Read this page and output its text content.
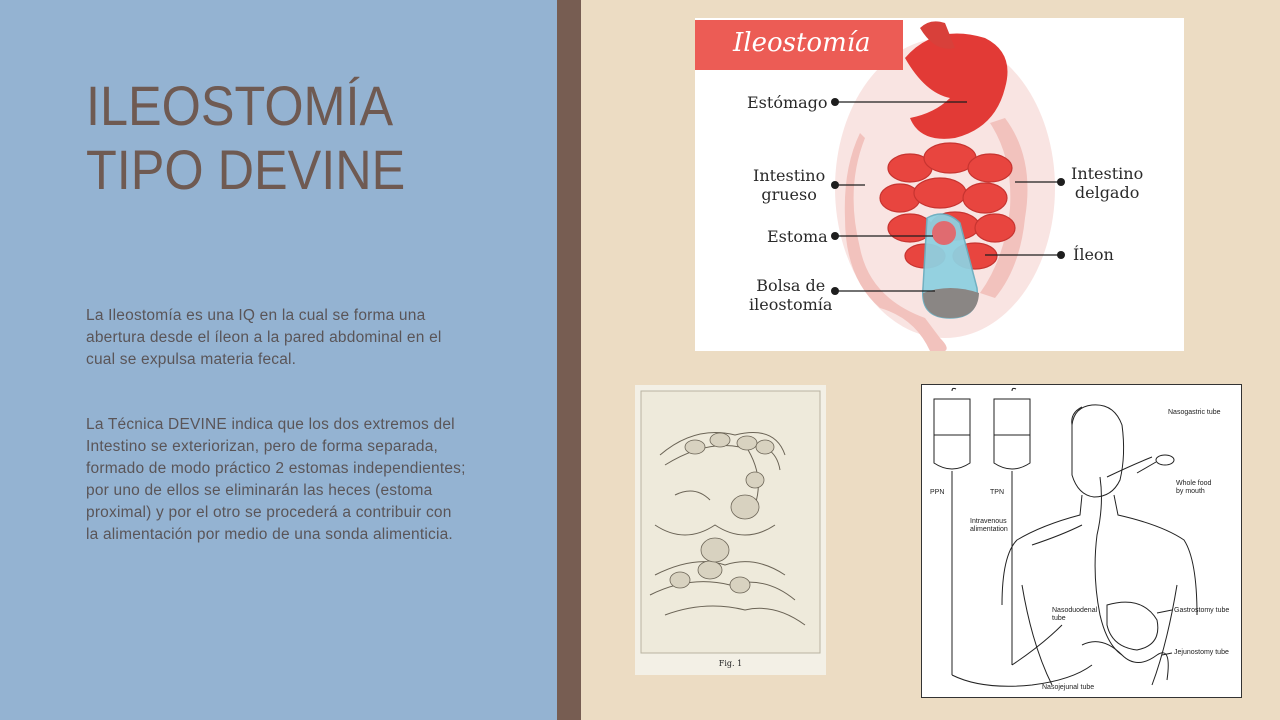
ILEOSTOMÍA
TIPO DEVINE

La Ileostomía es una IQ en la cual se forma una abertura desde el íleon a la pared abdominal en el cual se expulsa materia fecal.

La Técnica DEVINE indica que los dos extremos del Intestino se exteriorizan, pero de forma separada, formado de modo práctico 2 estomas independientes; por uno de ellos se eliminarán las heces (estoma proximal) y por el otro se procederá a contribuir con la alimentación por medio de una sonda alimenticia.

Ileostomía
Estómago
Intestino
grueso
Estoma
Bolsa de
ileostomía
Intestino
delgado
Íleon
Fig. 1
PPN	TPN
Intravenous
alimentation
Nasogastric tube
Whole food
by mouth
Nasoduodenal
tube
Gastrostomy tube
Jejunostomy tube
Nasojejunal tube
